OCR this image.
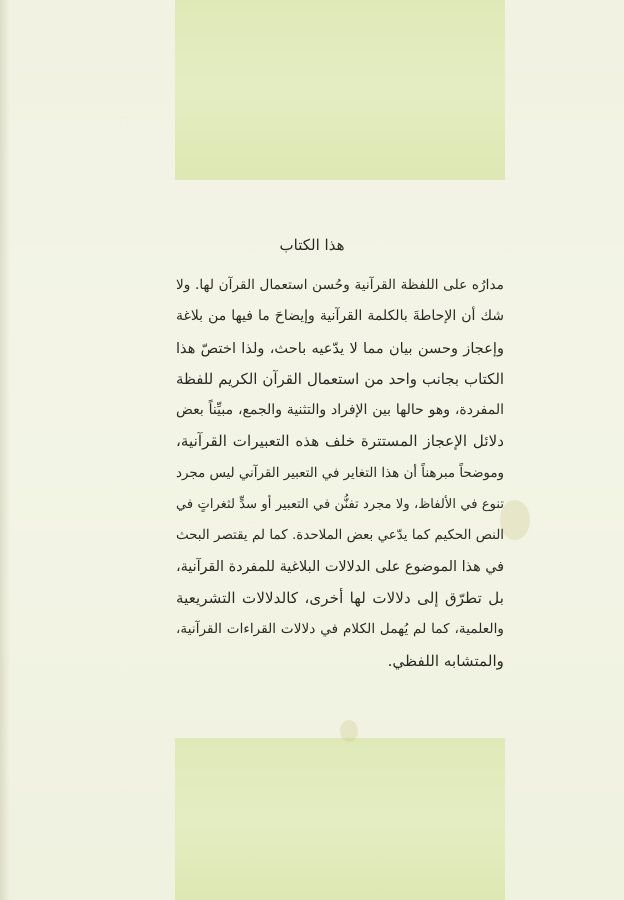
هذا الكتاب
مدارُه على اللفظة القرآنية وحُسن استعمال القرآن لها. ولا
شك أن الإحاطةَ بالكلمة القرآنية وإيضاحَ ما فيها من بلاغة
وإعجاز وحسن بيان مما لا يدّعيه باحث، ولذا اختصّ هذا
الكتاب بجانب واحد من استعمال القرآن الكريم للفظة
المفردة، وهو حالها بين الإفراد والتثنية والجمع، مبيِّناً بعض
دلائل الإعجاز المستترة خلف هذه التعبيرات القرآنية،
وموضحاً مبرهناً أن هذا التغاير في التعبير القرآني ليس مجرد
تنوع في الألفاظ، ولا مجرد تفنُّن في التعبير أو سدٍّ لثغراتٍ في
النص الحكيم كما يدّعي بعض الملاحدة. كما لم يقتصر البحث
في هذا الموضوع على الدلالات البلاغية للمفردة القرآنية،
بل تطرّق إلى دلالات لها أخرى، كالدلالات التشريعية
والعلمية، كما لم يُهمل الكلام في دلالات القراءات القرآنية،
والمتشابه اللفظي.
